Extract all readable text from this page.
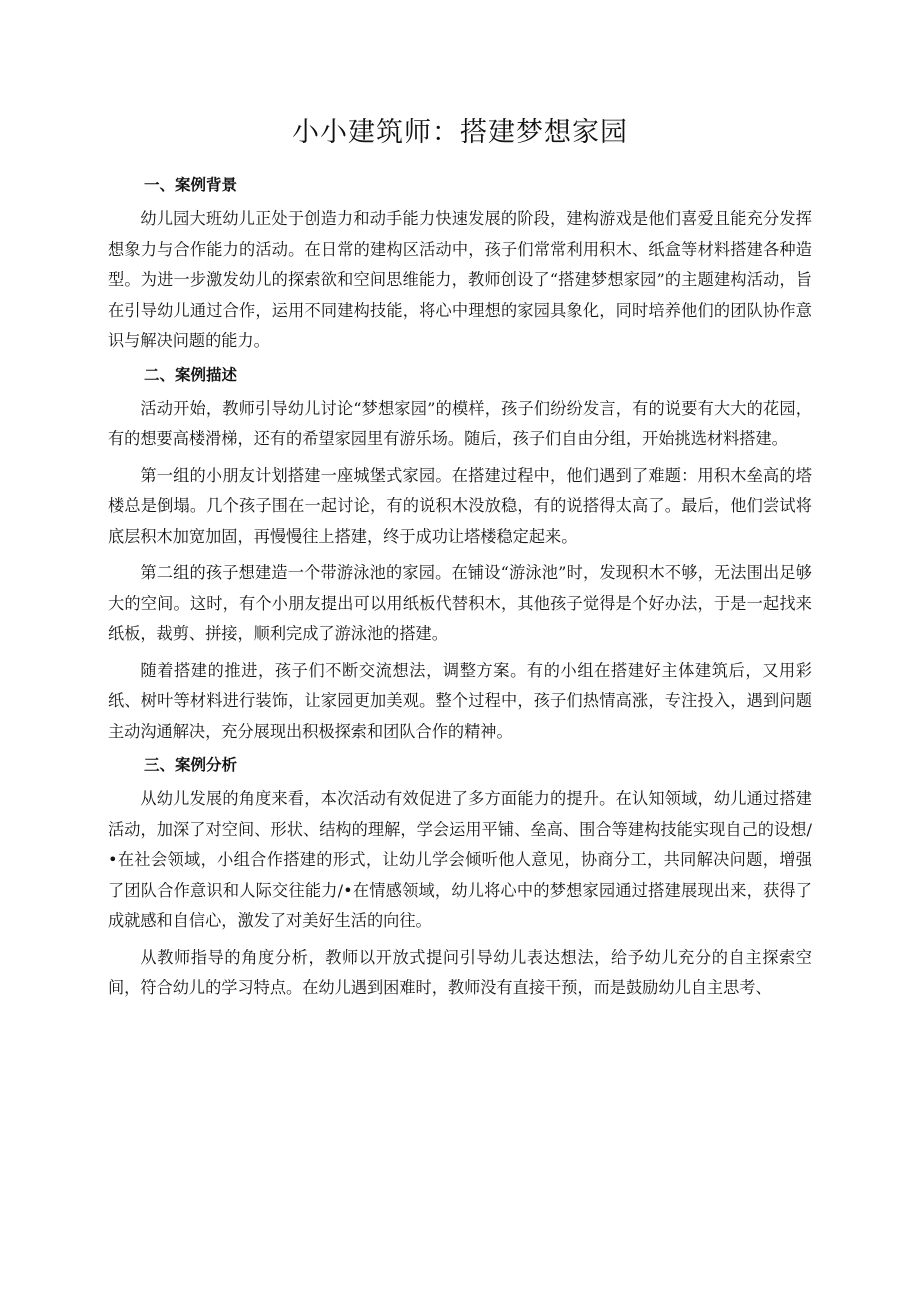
小小建筑师：搭建梦想家园
一、案例背景

幼儿园大班幼儿正处于创造力和动手能力快速发展的阶段，建构游戏是他们喜爱且能充分发挥想象力与合作能力的活动。在日常的建构区活动中，孩子们常常利用积木、纸盒等材料搭建各种造型。为进一步激发幼儿的探索欲和空间思维能力，教师创设了“搭建梦想家园”的主题建构活动，旨在引导幼儿通过合作，运用不同建构技能，将心中理想的家园具象化，同时培养他们的团队协作意识与解决问题的能力。

二、案例描述

活动开始，教师引导幼儿讨论“梦想家园”的模样，孩子们纷纷发言，有的说要有大大的花园，有的想要高楼滑梯，还有的希望家园里有游乐场。随后，孩子们自由分组，开始挑选材料搭建。

第一组的小朋友计划搭建一座城堡式家园。在搭建过程中，他们遇到了难题：用积木垒高的塔楼总是倒塌。几个孩子围在一起讨论，有的说积木没放稳，有的说搭得太高了。最后，他们尝试将底层积木加宽加固，再慢慢往上搭建，终于成功让塔楼稳定起来。

第二组的孩子想建造一个带游泳池的家园。在铺设“游泳池”时，发现积木不够，无法围出足够大的空间。这时，有个小朋友提出可以用纸板代替积木，其他孩子觉得是个好办法，于是一起找来纸板，裁剪、拼接，顺利完成了游泳池的搭建。

随着搭建的推进，孩子们不断交流想法，调整方案。有的小组在搭建好主体建筑后，又用彩纸、树叶等材料进行装饰，让家园更加美观。整个过程中，孩子们热情高涨，专注投入，遇到问题主动沟通解决，充分展现出积极探索和团队合作的精神。

三、案例分析

从幼儿发展的角度来看，本次活动有效促进了多方面能力的提升。在认知领域，幼儿通过搭建活动，加深了对空间、形状、结构的理解，学会运用平铺、垒高、围合等建构技能实现自己的设想/•在社会领域，小组合作搭建的形式，让幼儿学会倾听他人意见，协商分工，共同解决问题，增强了团队合作意识和人际交往能力/•在情感领域，幼儿将心中的梦想家园通过搭建展现出来，获得了成就感和自信心，激发了对美好生活的向往。

从教师指导的角度分析，教师以开放式提问引导幼儿表达想法，给予幼儿充分的自主探索空间，符合幼儿的学习特点。在幼儿遇到困难时，教师没有直接干预，而是鼓励幼儿自主思考、
